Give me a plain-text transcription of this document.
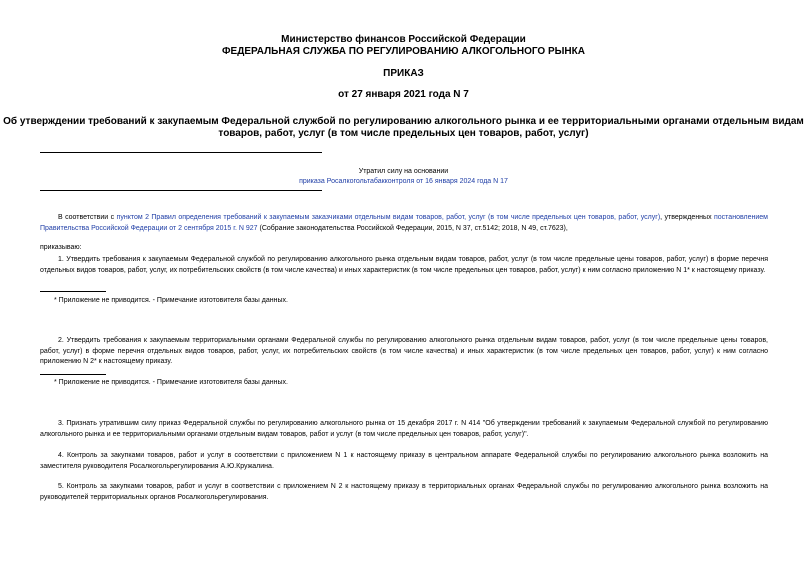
Министерство финансов Российской Федерации
ФЕДЕРАЛЬНАЯ СЛУЖБА ПО РЕГУЛИРОВАНИЮ АЛКОГОЛЬНОГО РЫНКА
ПРИКАЗ
от 27 января 2021 года N 7
Об утверждении требований к закупаемым Федеральной службой по регулированию алкогольного рынка и ее территориальными органами отдельным видам
товаров, работ, услуг (в том числе предельных цен товаров, работ, услуг)
Утратил силу на основании
приказа Росалкогольтабакконтроля от 16 января 2024 года N 17
В соответствии с пунктом 2 Правил определения требований к закупаемым заказчиками отдельным видам товаров, работ, услуг (в том числе предельных цен товаров, работ, услуг), утвержденных постановлением Правительства Российской Федерации от 2 сентября 2015 г. N 927 (Собрание законодательства Российской Федерации, 2015, N 37, ст.5142; 2018, N 49, ст.7623),
приказываю:
1. Утвердить требования к закупаемым Федеральной службой по регулированию алкогольного рынка отдельным видам товаров, работ, услуг (в том числе предельные цены товаров, работ, услуг) в форме перечня отдельных видов товаров, работ, услуг, их потребительских свойств (в том числе качества) и иных характеристик (в том числе предельных цен товаров, работ, услуг) к ним согласно приложению N 1* к настоящему приказу.
* Приложение не приводится. - Примечание изготовителя базы данных.
2. Утвердить требования к закупаемым территориальными органами Федеральной службы по регулированию алкогольного рынка отдельным видам товаров, работ, услуг (в том числе предельные цены товаров, работ, услуг) в форме перечня отдельных видов товаров, работ, услуг, их потребительских свойств (в том числе качества) и иных характеристик (в том числе предельных цен товаров, работ, услуг) к ним согласно приложению N 2* к настоящему приказу.
* Приложение не приводится. - Примечание изготовителя базы данных.
3. Признать утратившим силу приказ Федеральной службы по регулированию алкогольного рынка от 15 декабря 2017 г. N 414 "Об утверждении требований к закупаемым Федеральной службой по регулированию алкогольного рынка и ее территориальными органами отдельным видам товаров, работ и услуг (в том числе предельных цен товаров, работ, услуг)".
4. Контроль за закупками товаров, работ и услуг в соответствии с приложением N 1 к настоящему приказу в центральном аппарате Федеральной службы по регулированию алкогольного рынка возложить на заместителя руководителя Росалкогольрегулирования А.Ю.Кружалина.
5. Контроль за закупками товаров, работ и услуг в соответствии с приложением N 2 к настоящему приказу в территориальных органах Федеральной службы по регулированию алкогольного рынка возложить на руководителей территориальных органов Росалкогольрегулирования.
